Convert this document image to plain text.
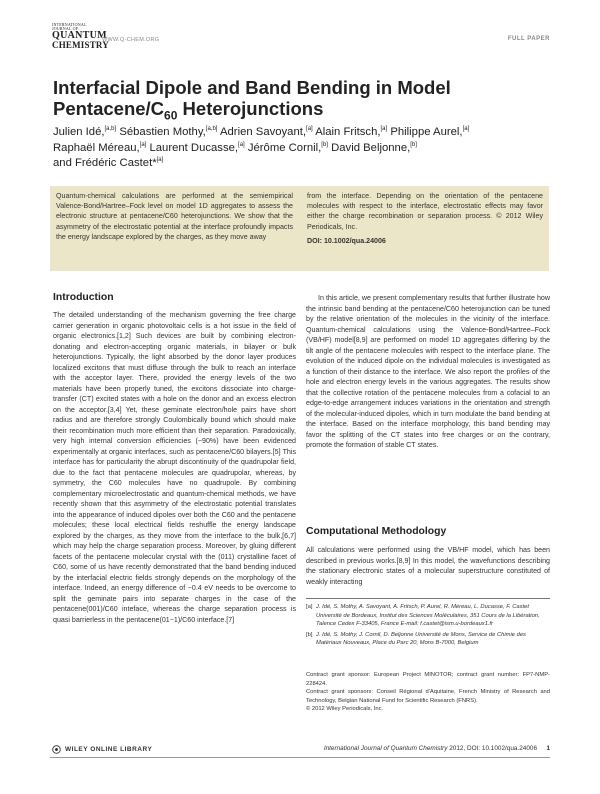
INTERNATIONAL JOURNAL OF
QUANTUM
CHEMISTRY
WWW.Q-CHEM.ORG	FULL PAPER
Interfacial Dipole and Band Bending in Model
Pentacene/$C_{60}$ Heterojunctions
Julien Idé,[a,b] Sébastien Mothy,[a,b] Adrien Savoyant,[a] Alain Fritsch,[a] Philippe Aurel,[a]
Raphaël Méreau,[a] Laurent Ducasse,[a] Jérôme Cornil,[b] David Beljonne,[b]
and Frédéric Castet*[a]
Quantum-chemical calculations are performed at the semiempirical Valence-Bond/Hartree–Fock level on model 1D aggregates to assess the electronic structure at pentacene/C60 heterojunctions. We show that the asymmetry of the electrostatic potential at the interface profoundly impacts the energy landscape explored by the charges, as they move away
from the interface. Depending on the orientation of the pentacene molecules with respect to the interface, electrostatic effects may favor either the charge recombination or separation process. © 2012 Wiley Periodicals, Inc.
DOI: 10.1002/qua.24006
Introduction

The detailed understanding of the mechanism governing the free charge carrier generation in organic photovoltaic cells is a hot issue in the field of organic electronics.[1,2] Such devices are built by combining electron-donating and electron-accepting organic materials, in bilayer or bulk heterojunctions. Typically, the light absorbed by the donor layer produces localized excitons that must diffuse through the bulk to reach an interface with the acceptor layer. There, provided the energy levels of the two materials have been properly tuned, the excitons dissociate into charge-transfer (CT) excited states with a hole on the donor and an excess electron on the acceptor.[3,4] Yet, these geminate electron/hole pairs have short radius and are therefore strongly Coulombically bound which should make their recombination much more efficient than their separation. Paradoxically, very high internal conversion efficiencies (~90%) have been evidenced experimentally at organic interfaces, such as pentacene/C60 bilayers.[5] This interface has for particularity the abrupt discontinuity of the quadrupolar field, due to the fact that pentacene molecules are quadrupolar, whereas, by symmetry, the C60 molecules have no quadrupole. By combining complementary microelectrostatic and quantum-chemical methods, we have recently shown that this asymmetry of the electrostatic potential translates into the appearance of induced dipoles over both the C60 and the pentacene molecules; these local electrical fields reshuffle the energy landscape explored by the charges, as they move from the interface to the bulk,[6,7] which may help the charge separation process. Moreover, by gluing different facets of the pentacene molecular crystal with the (011) crystalline facet of C60, some of us have recently demonstrated that the band bending induced by the interfacial electric fields strongly depends on the morphology of the interface. Indeed, an energy difference of ~0.4 eV needs to be overcome to split the geminate pairs into separate charges in the case of the pentacene(001)/C60 inteface, whereas the charge separation process is quasi barrierless in the pentacene(01−1)/C60 interface.[7]

In this article, we present complementary results that further illustrate how the intrinsic band bending at the pentacene/C60 heterojunction can be tuned by the relative orientation of the molecules in the vicinity of the interface. Quantum-chemical calculations using the Valence-Bond/Hartree–Fock (VB/HF) model[8,9] are performed on model 1D aggregates differing by the tilt angle of the pentacene molecules with respect to the interface plane. The evolution of the induced dipole on the individual molecules is investigated as a function of their distance to the interface. We also report the profiles of the hole and electron energy levels in the various aggregates. The results show that the collective rotation of the pentacene molecules from a cofacial to an edge-to-edge arrangement induces variations in the orientation and strength of the molecular-induced dipoles, which in turn modulate the band bending at the interface. Based on the interface morphology, this band bending may favor the splitting of the CT states into free charges or on the contrary, promote the formation of stable CT states.

Computational Methodology

All calculations were performed using the VB/HF model, which has been described in previous works.[8,9] In this model, the wavefunctions describing the stationary electronic states of a molecular superstructure constituted of weakly interacting

[a] J. Idé, S. Mothy, A. Savoyant, A. Fritsch, P. Aurel, R. Méreau, L. Ducasse, F. Castet Université de Bordeaux, Institut des Sciences Moléculaires, 351 Cours de la Libération, Talence Cedex F-33405, France E-mail: f.castet@ism.u-bordeaux1.fr
[b] J. Idé, S. Mothy, J. Cornil, D. Beljonne Université de Mons, Service de Chimie des Matériaux Nouveaux, Place du Parc 20, Mons B-7000, Belgium
Contract grant sponsor: European Project MINOTOR; contract grant number: FP7-NMP-228424.
Contract grant sponsors: Conseil Régional d'Aquitaine, French Ministry of Research and Technology, Belgian National Fund for Scientific Research (FNRS).
© 2012 Wiley Periodicals, Inc.
WILEY ONLINE LIBRARY	International Journal of Quantum Chemistry 2012, DOI: 10.1002/qua.24006 1
